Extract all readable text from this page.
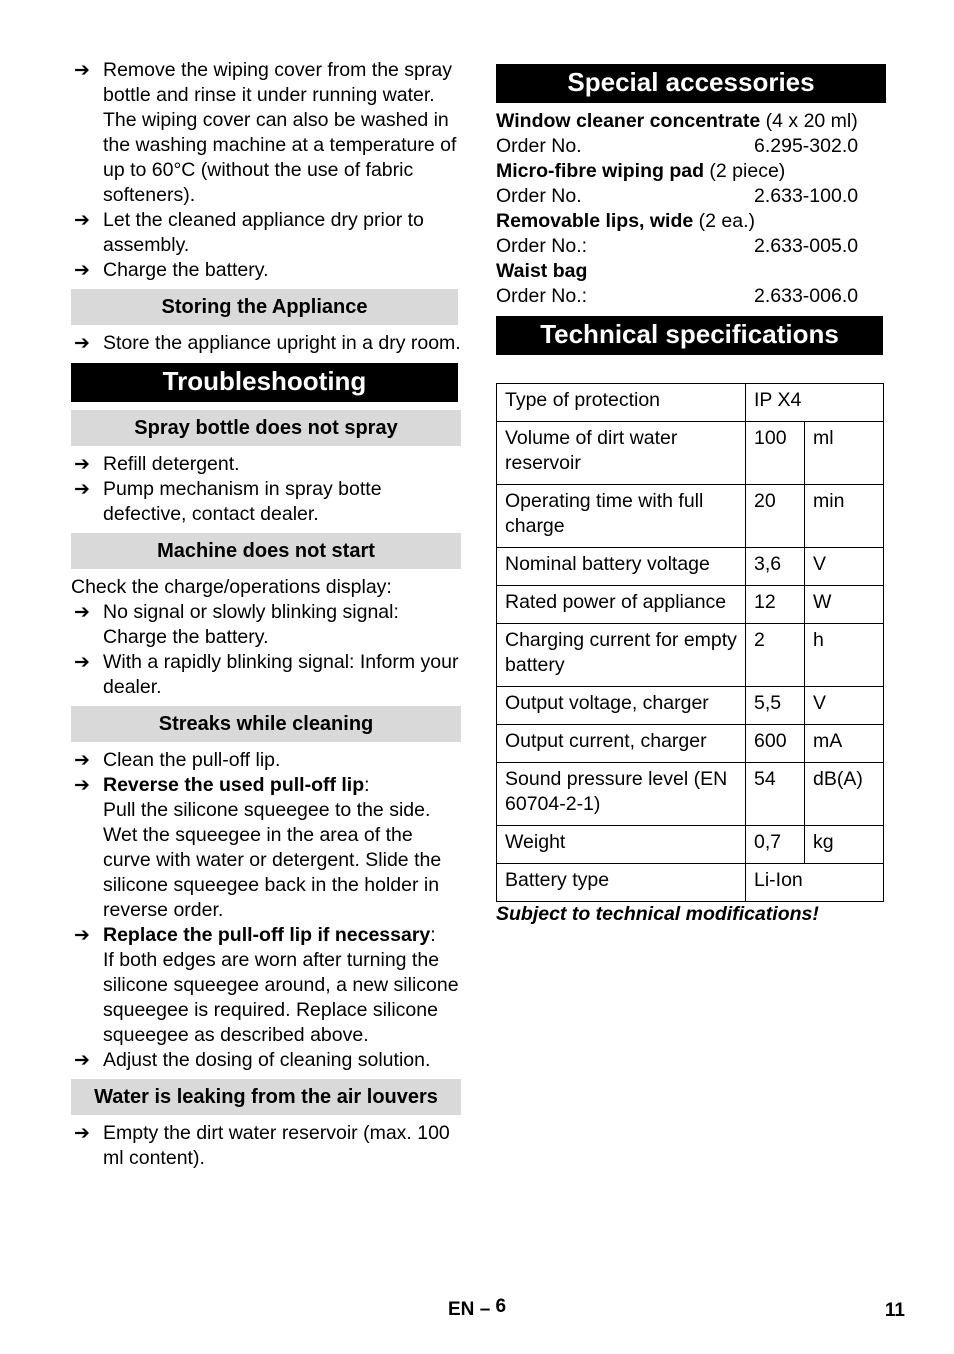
➔ Remove the wiping cover from the spray bottle and rinse it under running water. The wiping cover can also be washed in the washing machine at a temperature of up to 60°C (without the use of fabric softeners).
➔ Let the cleaned appliance dry prior to assembly.
➔ Charge the battery.
Storing the Appliance
➔ Store the appliance upright in a dry room.
Troubleshooting
Spray bottle does not spray
➔ Refill detergent.
➔ Pump mechanism in spray botte defective, contact dealer.
Machine does not start
Check the charge/operations display:
➔ No signal or slowly blinking signal: Charge the battery.
➔ With a rapidly blinking signal: Inform your dealer.
Streaks while cleaning
➔ Clean the pull-off lip.
➔ Reverse the used pull-off lip:
Pull the silicone squeegee to the side. Wet the squeegee in the area of the curve with water or detergent. Slide the silicone squeegee back in the holder in reverse order.
➔ Replace the pull-off lip if necessary:
If both edges are worn after turning the silicone squeegee around, a new silicone squeegee is required. Replace silicone squeegee as described above.
➔ Adjust the dosing of cleaning solution.
Water is leaking from the air louvers
➔ Empty the dirt water reservoir (max. 100 ml content).
Special accessories
Window cleaner concentrate (4 x 20 ml)
Order No.	6.295-302.0
Micro-fibre wiping pad (2 piece)
Order No.	2.633-100.0
Removable lips, wide (2 ea.)
Order No.:	2.633-005.0
Waist bag
Order No.:	2.633-006.0
Technical specifications
Type of protection	IP X4	
Volume of dirt water reservoir	100	ml
Operating time with full charge	20	min
Nominal battery voltage	3,6	V
Rated power of appliance	12	W
Charging current for empty battery	2	h
Output voltage, charger	5,5	V
Output current, charger	600	mA
Sound pressure level (EN 60704-2-1)	54	dB(A)
Weight	0,7	kg
Battery type	Li-Ion	
Subject to technical modifications!
EN – 6	11
